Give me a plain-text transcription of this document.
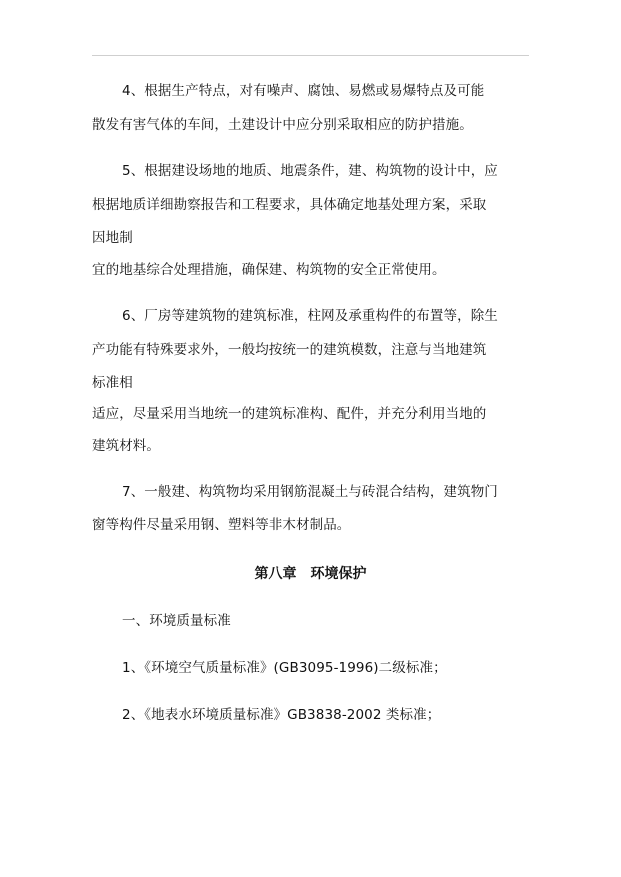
4、根据生产特点，对有噪声、腐蚀、易燃或易爆特点及可能
散发有害气体的车间，土建设计中应分别采取相应的防护措施。
5、根据建设场地的地质、地震条件，建、构筑物的设计中，应
根据地质详细勘察报告和工程要求，具体确定地基处理方案，采取
因地制
宜的地基综合处理措施，确保建、构筑物的安全正常使用。
6、厂房等建筑物的建筑标准，柱网及承重构件的布置等，除生
产功能有特殊要求外，一般均按统一的建筑模数，注意与当地建筑
标准相
适应，尽量采用当地统一的建筑标准构、配件，并充分利用当地的
建筑材料。
7、一般建、构筑物均采用钢筋混凝土与砖混合结构，建筑物门
窗等构件尽量采用钢、塑料等非木材制品。
第八章　环境保护
一、环境质量标准
1、《环境空气质量标准》(GB3095-1996)二级标准；
2、《地表水环境质量标准》GB3838-2002 类标准；
